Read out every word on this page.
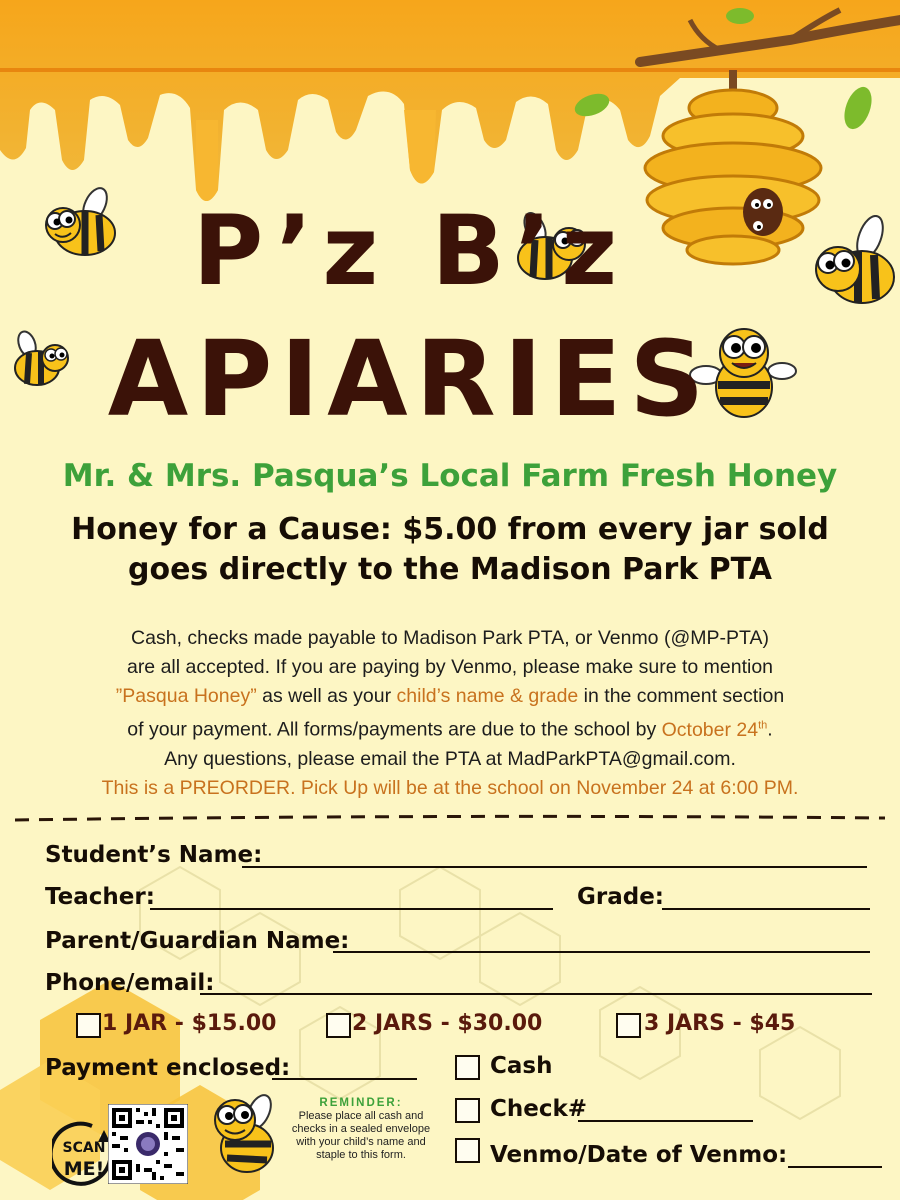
P’z B’z
APIARIES
Mr. & Mrs. Pasqua’s Local Farm Fresh Honey
Honey for a Cause: $5.00 from every jar sold
goes directly to the Madison Park PTA
Cash, checks made payable to Madison Park PTA, or Venmo (@MP-PTA)
are all accepted. If you are paying by Venmo, please make sure to mention
”Pasqua Honey” as well as your child’s name & grade in the comment section
of your payment. All forms/payments are due to the school by October 24th.
Any questions, please email the PTA at MadParkPTA@gmail.com.
This is a PREORDER. Pick Up will be at the school on November 24 at 6:00 PM.
Student’s Name:
Teacher:	Grade:
Parent/Guardian Name:
Phone/email:
1 JAR - $15.00	2 JARS - $30.00	3 JARS - $45
Payment enclosed:	Cash
Check#
Venmo/Date of Venmo:
SCAN
ME!
REMINDER:
Please place all cash and checks in a sealed envelope with your child’s name and staple to this form.
